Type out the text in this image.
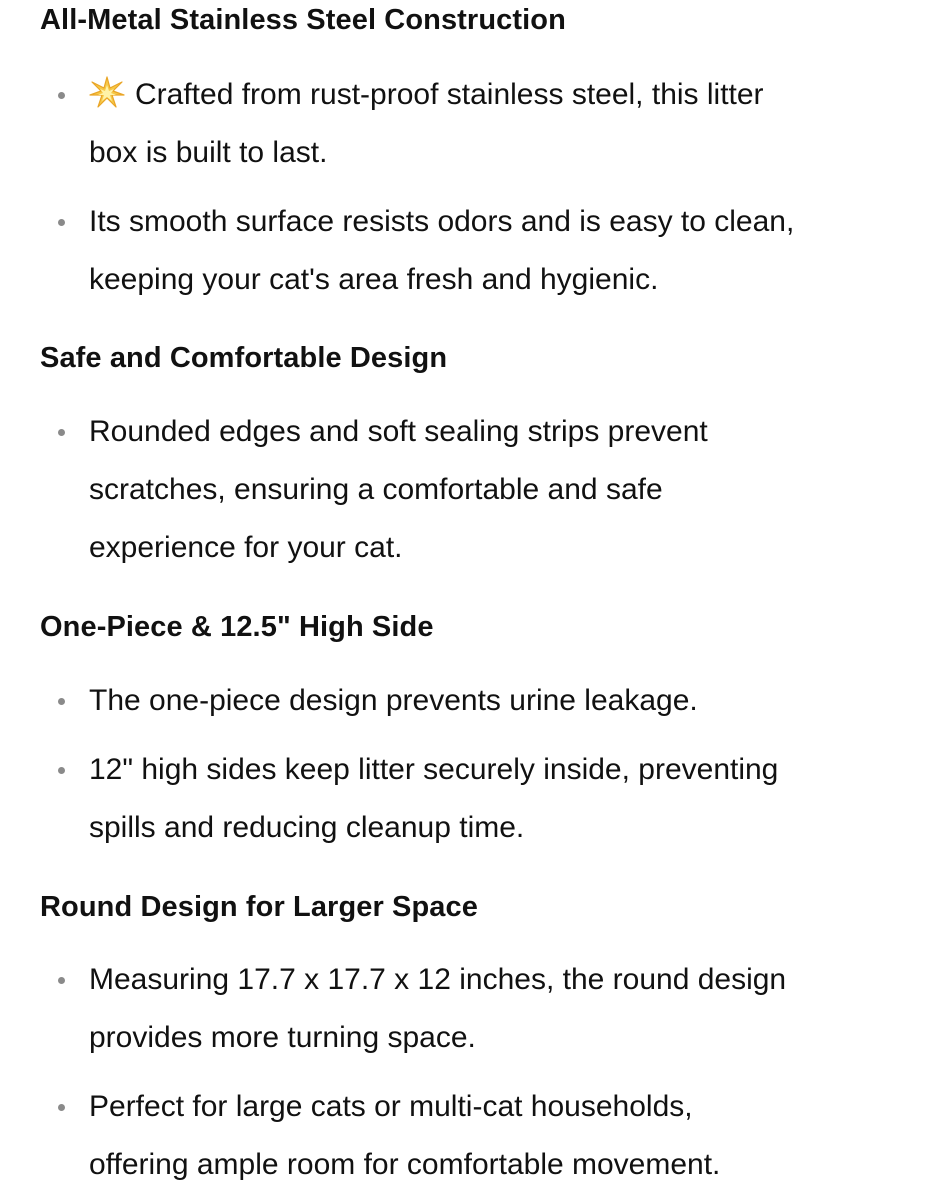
All-Metal Stainless Steel Construction
Crafted from rust-proof stainless steel, this litter
box is built to last.
Its smooth surface resists odors and is easy to clean,
keeping your cat's area fresh and hygienic.
Safe and Comfortable Design
Rounded edges and soft sealing strips prevent
scratches, ensuring a comfortable and safe
experience for your cat.
One-Piece & 12.5" High Side
The one-piece design prevents urine leakage.
12" high sides keep litter securely inside, preventing
spills and reducing cleanup time.
Round Design for Larger Space
Measuring 17.7 x 17.7 x 12 inches, the round design
provides more turning space.
Perfect for large cats or multi-cat households,
offering ample room for comfortable movement.
